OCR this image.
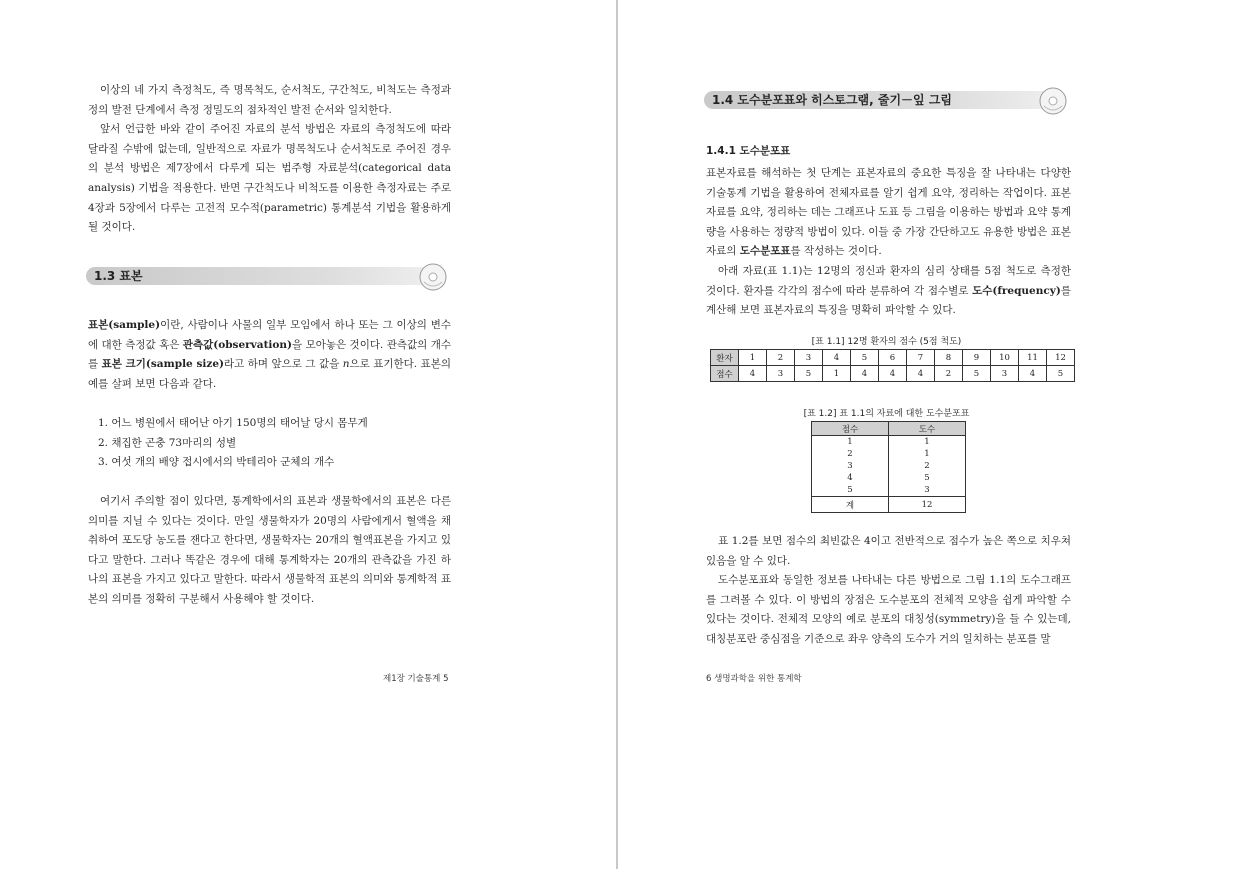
이상의 네 가지 측정척도, 즉 명목척도, 순서척도, 구간척도, 비척도는 측정과 정의 발전 단계에서 측정 정밀도의 점차적인 발전 순서와 일치한다.

앞서 언급한 바와 같이 주어진 자료의 분석 방법은 자료의 측정척도에 따라 달라질 수밖에 없는데, 일반적으로 자료가 명목척도나 순서척도로 주어진 경우의 분석 방법은 제7장에서 다루게 되는 범주형 자료분석(categorical data analysis) 기법을 적용한다. 반면 구간척도나 비척도를 이용한 측정자료는 주로 4장과 5장에서 다루는 고전적 모수적(parametric) 통계분석 기법을 활용하게 될 것이다.

1.3 표본

표본(sample)이란, 사람이나 사물의 일부 모임에서 하나 또는 그 이상의 변수에 대한 측정값 혹은 관측값(observation)을 모아놓은 것이다. 관측값의 개수를 표본 크기(sample size)라고 하며 앞으로 그 값을 n으로 표기한다. 표본의 예를 살펴 보면 다음과 같다.

1. 어느 병원에서 태어난 아기 150명의 태어날 당시 몸무게
2. 채집한 곤충 73마리의 성별
3. 여섯 개의 배양 접시에서의 박테리아 군체의 개수

여기서 주의할 점이 있다면, 통계학에서의 표본과 생물학에서의 표본은 다른 의미를 지닐 수 있다는 것이다. 만일 생물학자가 20명의 사람에게서 혈액을 채취하여 포도당 농도를 잰다고 한다면, 생물학자는 20개의 혈액표본을 가지고 있다고 말한다. 그러나 똑같은 경우에 대해 통계학자는 20개의 관측값을 가진 하나의 표본을 가지고 있다고 말한다. 따라서 생물학적 표본의 의미와 통계학적 표본의 의미를 정확히 구분해서 사용해야 할 것이다.

제1장 기술통계 5
1.4 도수분포표와 히스토그램, 줄기－잎 그림
1.4.1 도수분포표

표본자료를 해석하는 첫 단계는 표본자료의 중요한 특징을 잘 나타내는 다양한 기술통계 기법을 활용하여 전체자료를 알기 쉽게 요약, 정리하는 작업이다. 표본자료를 요약, 정리하는 데는 그래프나 도표 등 그림을 이용하는 방법과 요약 통계량을 사용하는 정량적 방법이 있다. 이들 중 가장 간단하고도 유용한 방법은 표본자료의 도수분포표를 작성하는 것이다.

아래 자료(표 1.1)는 12명의 정신과 환자의 심리 상태를 5점 척도로 측정한 것이다. 환자를 각각의 점수에 따라 분류하여 각 점수별로 도수(frequency)를 계산해 보면 표본자료의 특징을 명확히 파악할 수 있다.

[표 1.1] 12명 환자의 점수 (5점 척도)
환자	1	2	3	4	5	6	7	8	9	10	11	12
점수	4	3	5	1	4	4	4	2	5	3	4	5
[표 1.2] 표 1.1의 자료에 대한 도수분포표
점수	도수
1	1
2	1
3	2
4	5
5	3
계	12

표 1.2를 보면 점수의 최빈값은 4이고 전반적으로 점수가 높은 쪽으로 치우쳐 있음을 알 수 있다.

도수분포표와 동일한 정보를 나타내는 다른 방법으로 그림 1.1의 도수그래프를 그려볼 수 있다. 이 방법의 장점은 도수분포의 전체적 모양을 쉽게 파악할 수 있다는 것이다. 전체적 모양의 예로 분포의 대칭성(symmetry)을 들 수 있는데, 대칭분포란 중심점을 기준으로 좌우 양측의 도수가 거의 일치하는 분포를 말

6 생명과학을 위한 통계학
